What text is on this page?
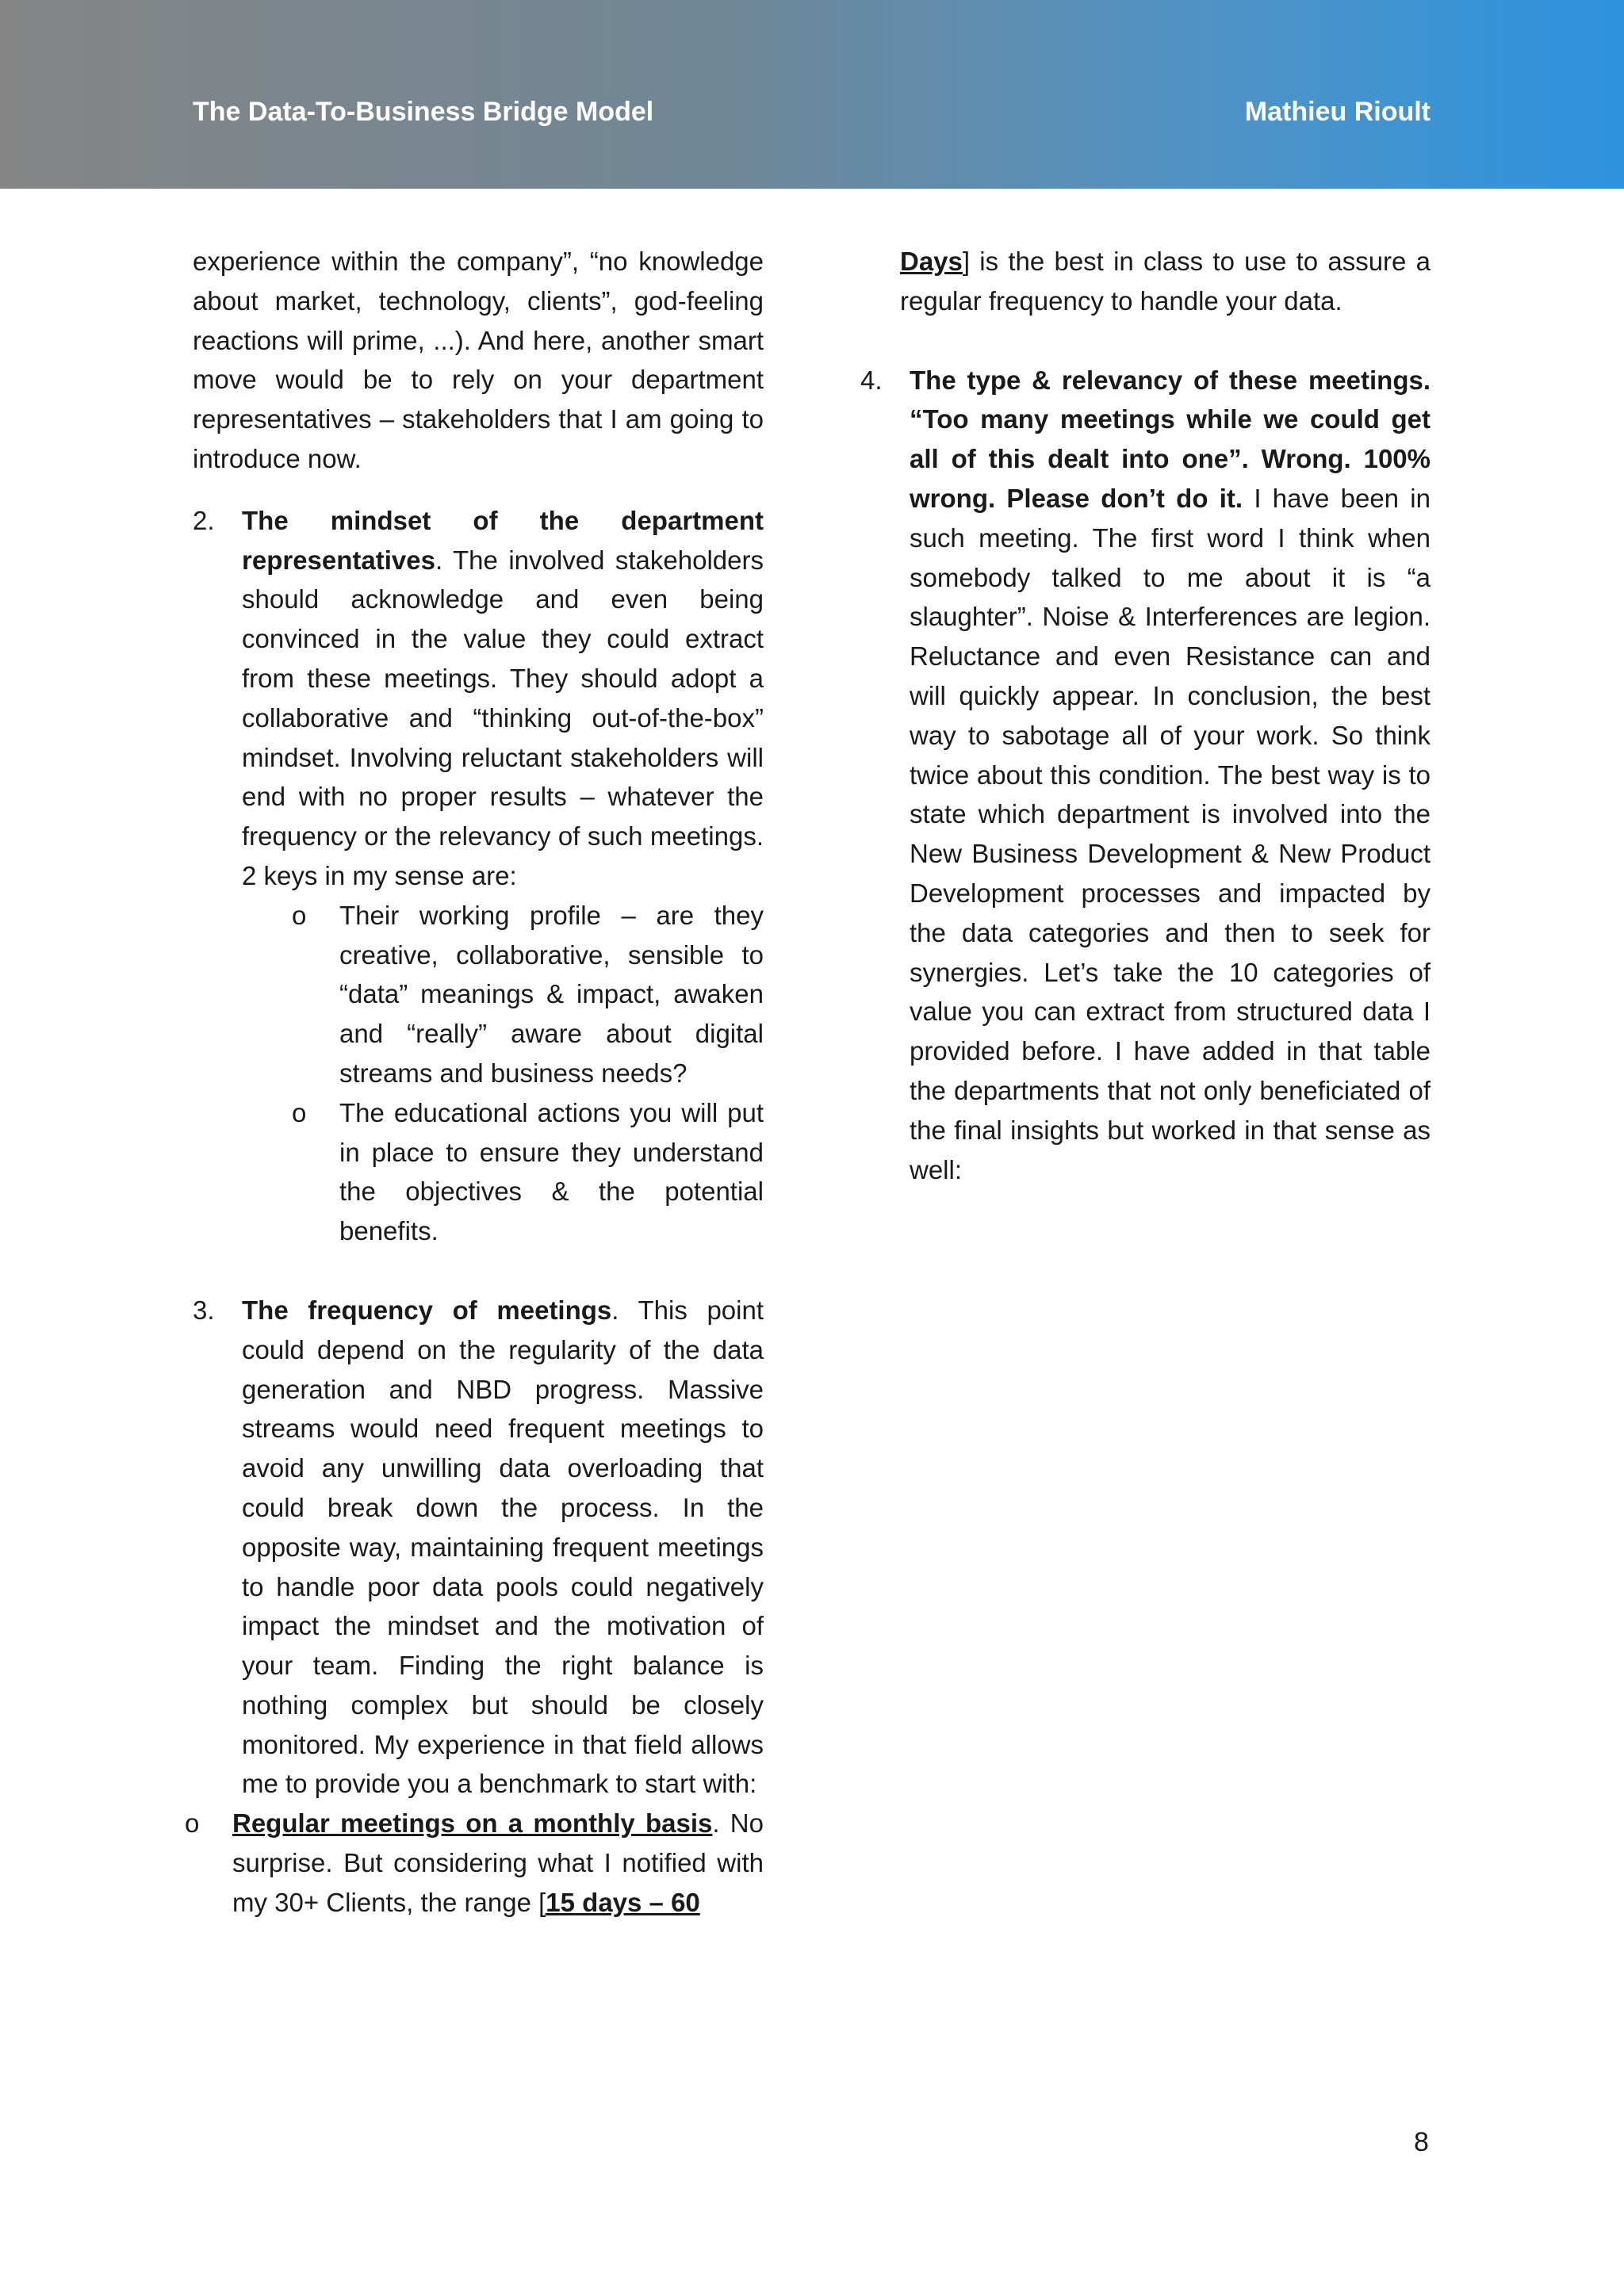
The Data-To-Business Bridge Model	Mathieu Rioult

experience within the company”, “no knowledge about market, technology, clients”, god-feeling reactions will prime, ...). And here, another smart move would be to rely on your department representatives – stakeholders that I am going to introduce now.

2. The mindset of the department representatives. The involved stakeholders should acknowledge and even being convinced in the value they could extract from these meetings. They should adopt a collaborative and “thinking out-of-the-box” mindset. Involving reluctant stakeholders will end with no proper results – whatever the frequency or the relevancy of such meetings. 2 keys in my sense are:
o Their working profile – are they creative, collaborative, sensible to “data” meanings & impact, awaken and “really” aware about digital streams and business needs?
o The educational actions you will put in place to ensure they understand the objectives & the potential benefits.
3. The frequency of meetings. This point could depend on the regularity of the data generation and NBD progress. Massive streams would need frequent meetings to avoid any unwilling data overloading that could break down the process. In the opposite way, maintaining frequent meetings to handle poor data pools could negatively impact the mindset and the motivation of your team. Finding the right balance is nothing complex but should be closely monitored. My experience in that field allows me to provide you a benchmark to start with:
o Regular meetings on a monthly basis. No surprise. But considering what I notified with my 30+ Clients, the range [15 days – 60

Days] is the best in class to use to assure a regular frequency to handle your data.

4. The type & relevancy of these meetings. “Too many meetings while we could get all of this dealt into one”. Wrong. 100% wrong. Please don’t do it. I have been in such meeting. The first word I think when somebody talked to me about it is “a slaughter”. Noise & Interferences are legion. Reluctance and even Resistance can and will quickly appear. In conclusion, the best way to sabotage all of your work. So think twice about this condition. The best way is to state which department is involved into the New Business Development & New Product Development processes and impacted by the data categories and then to seek for synergies. Let’s take the 10 categories of value you can extract from structured data I provided before. I have added in that table the departments that not only beneficiated of the final insights but worked in that sense as well:
8
